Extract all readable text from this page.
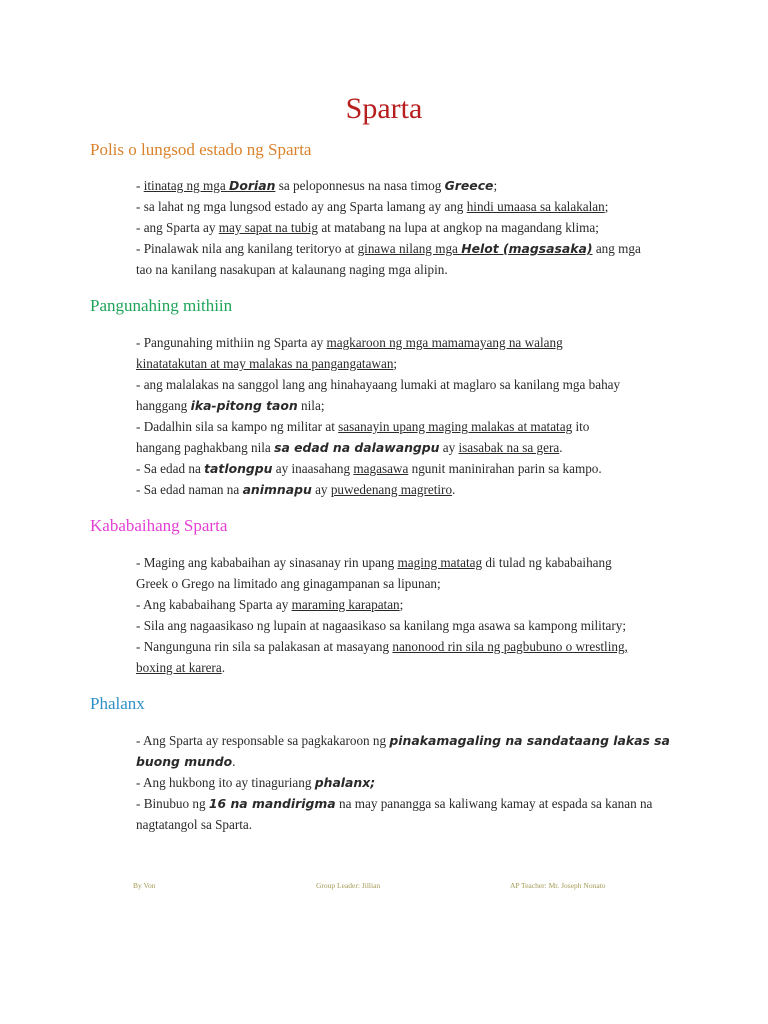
Sparta
Polis o lungsod estado ng Sparta
- itinatag ng mga Dorian sa peloponnesus na nasa timog Greece;
- sa lahat ng mga lungsod estado ay ang Sparta lamang ay ang hindi umaasa sa kalakalan;
- ang Sparta ay may sapat na tubig at matabang na lupa at angkop na magandang klima;
- Pinalawak nila ang kanilang teritoryo at ginawa nilang mga Helot (magsasaka) ang mga
tao na kanilang nasakupan at kalaunang naging mga alipin.
Pangunahing mithiin
- Pangunahing mithiin ng Sparta ay magkaroon ng mga mamamayang na walang
kinatatakutan at may malakas na pangangatawan;
- ang malalakas na sanggol lang ang hinahayaang lumaki at maglaro sa kanilang mga bahay
hanggang ika-pitong taon nila;
- Dadalhin sila sa kampo ng militar at sasanayin upang maging malakas at matatag ito
hangang paghakbang nila sa edad na dalawangpu ay isasabak na sa gera.
- Sa edad na tatlongpu ay inaasahang magasawa ngunit maninirahan parin sa kampo.
- Sa edad naman na animnapu ay puwedenang magretiro.
Kababaihang Sparta
- Maging ang kababaihan ay sinasanay rin upang maging matatag di tulad ng kababaihang
Greek o Grego na limitado ang ginagampanan sa lipunan;
- Ang kababaihang Sparta ay maraming karapatan;
- Sila ang nagaasikaso ng lupain at nagaasikaso sa kanilang mga asawa sa kampong military;
- Nangunguna rin sila sa palakasan at masayang nanonood rin sila ng pagbubuno o wrestling,
boxing at karera.
Phalanx
- Ang Sparta ay responsable sa pagkakaroon ng pinakamagaling na sandataang lakas sa
buong mundo.
- Ang hukbong ito ay tinaguriang phalanx;
- Binubuo ng 16 na mandirigma na may panangga sa kaliwang kamay at espada sa kanan na
nagtatangol sa Sparta.
By Von	Group Leader: Jillian	AP Teacher: Mr. Joseph Nonato
